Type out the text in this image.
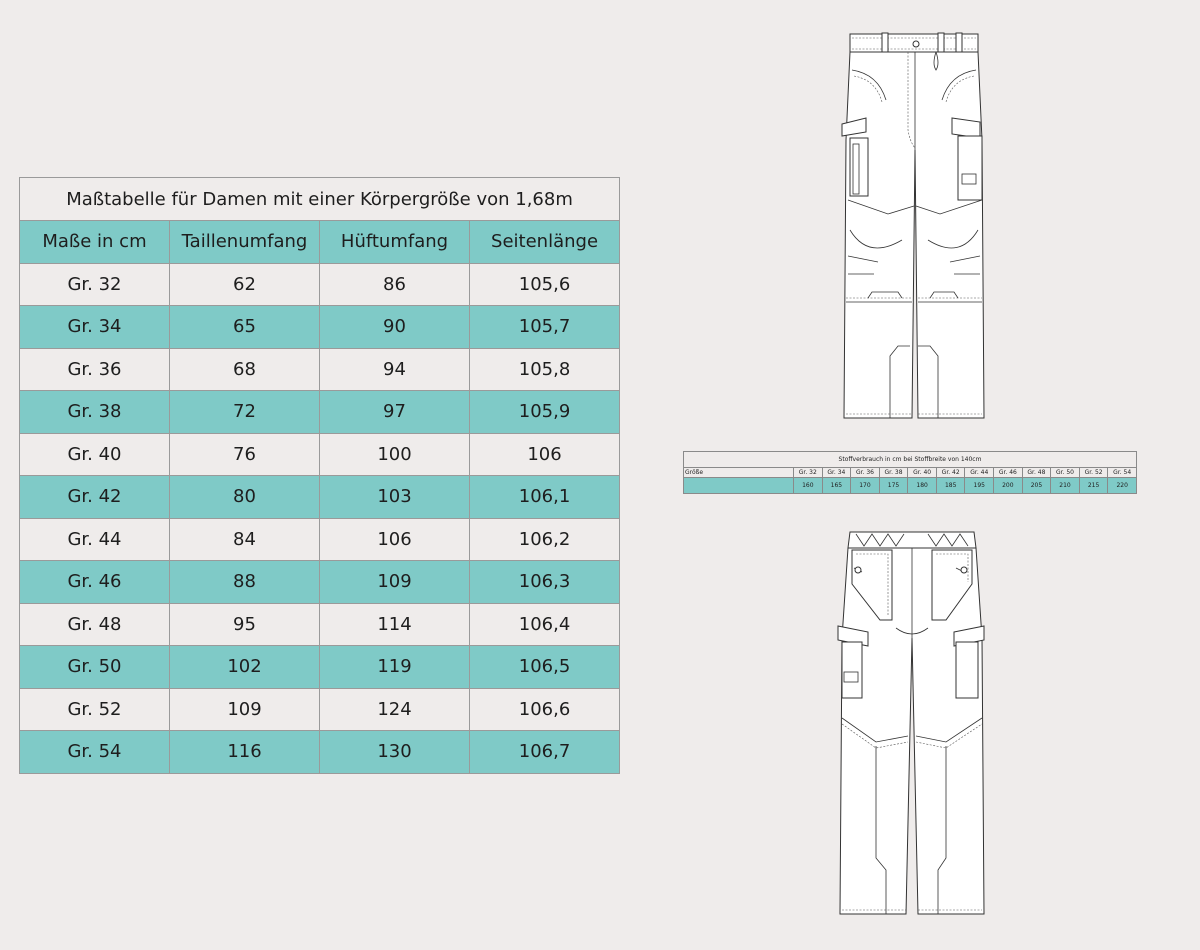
Maßtabelle für Damen mit einer Körpergröße von 1,68m			
Maße in cm	Taillenumfang	Hüftumfang	Seitenlänge
Gr. 32	62	86	105,6
Gr. 34	65	90	105,7
Gr. 36	68	94	105,8
Gr. 38	72	97	105,9
Gr. 40	76	100	106
Gr. 42	80	103	106,1
Gr. 44	84	106	106,2
Gr. 46	88	109	106,3
Gr. 48	95	114	106,4
Gr. 50	102	119	106,5
Gr. 52	109	124	106,6
Gr. 54	116	130	106,7
Stoffverbrauch in cm bei Stoffbreite von 140cm												
Größe	Gr. 32	Gr. 34	Gr. 36	Gr. 38	Gr. 40	Gr. 42	Gr. 44	Gr. 46	Gr. 48	Gr. 50	Gr. 52	Gr. 54
	160	165	170	175	180	185	195	200	205	210	215	220
